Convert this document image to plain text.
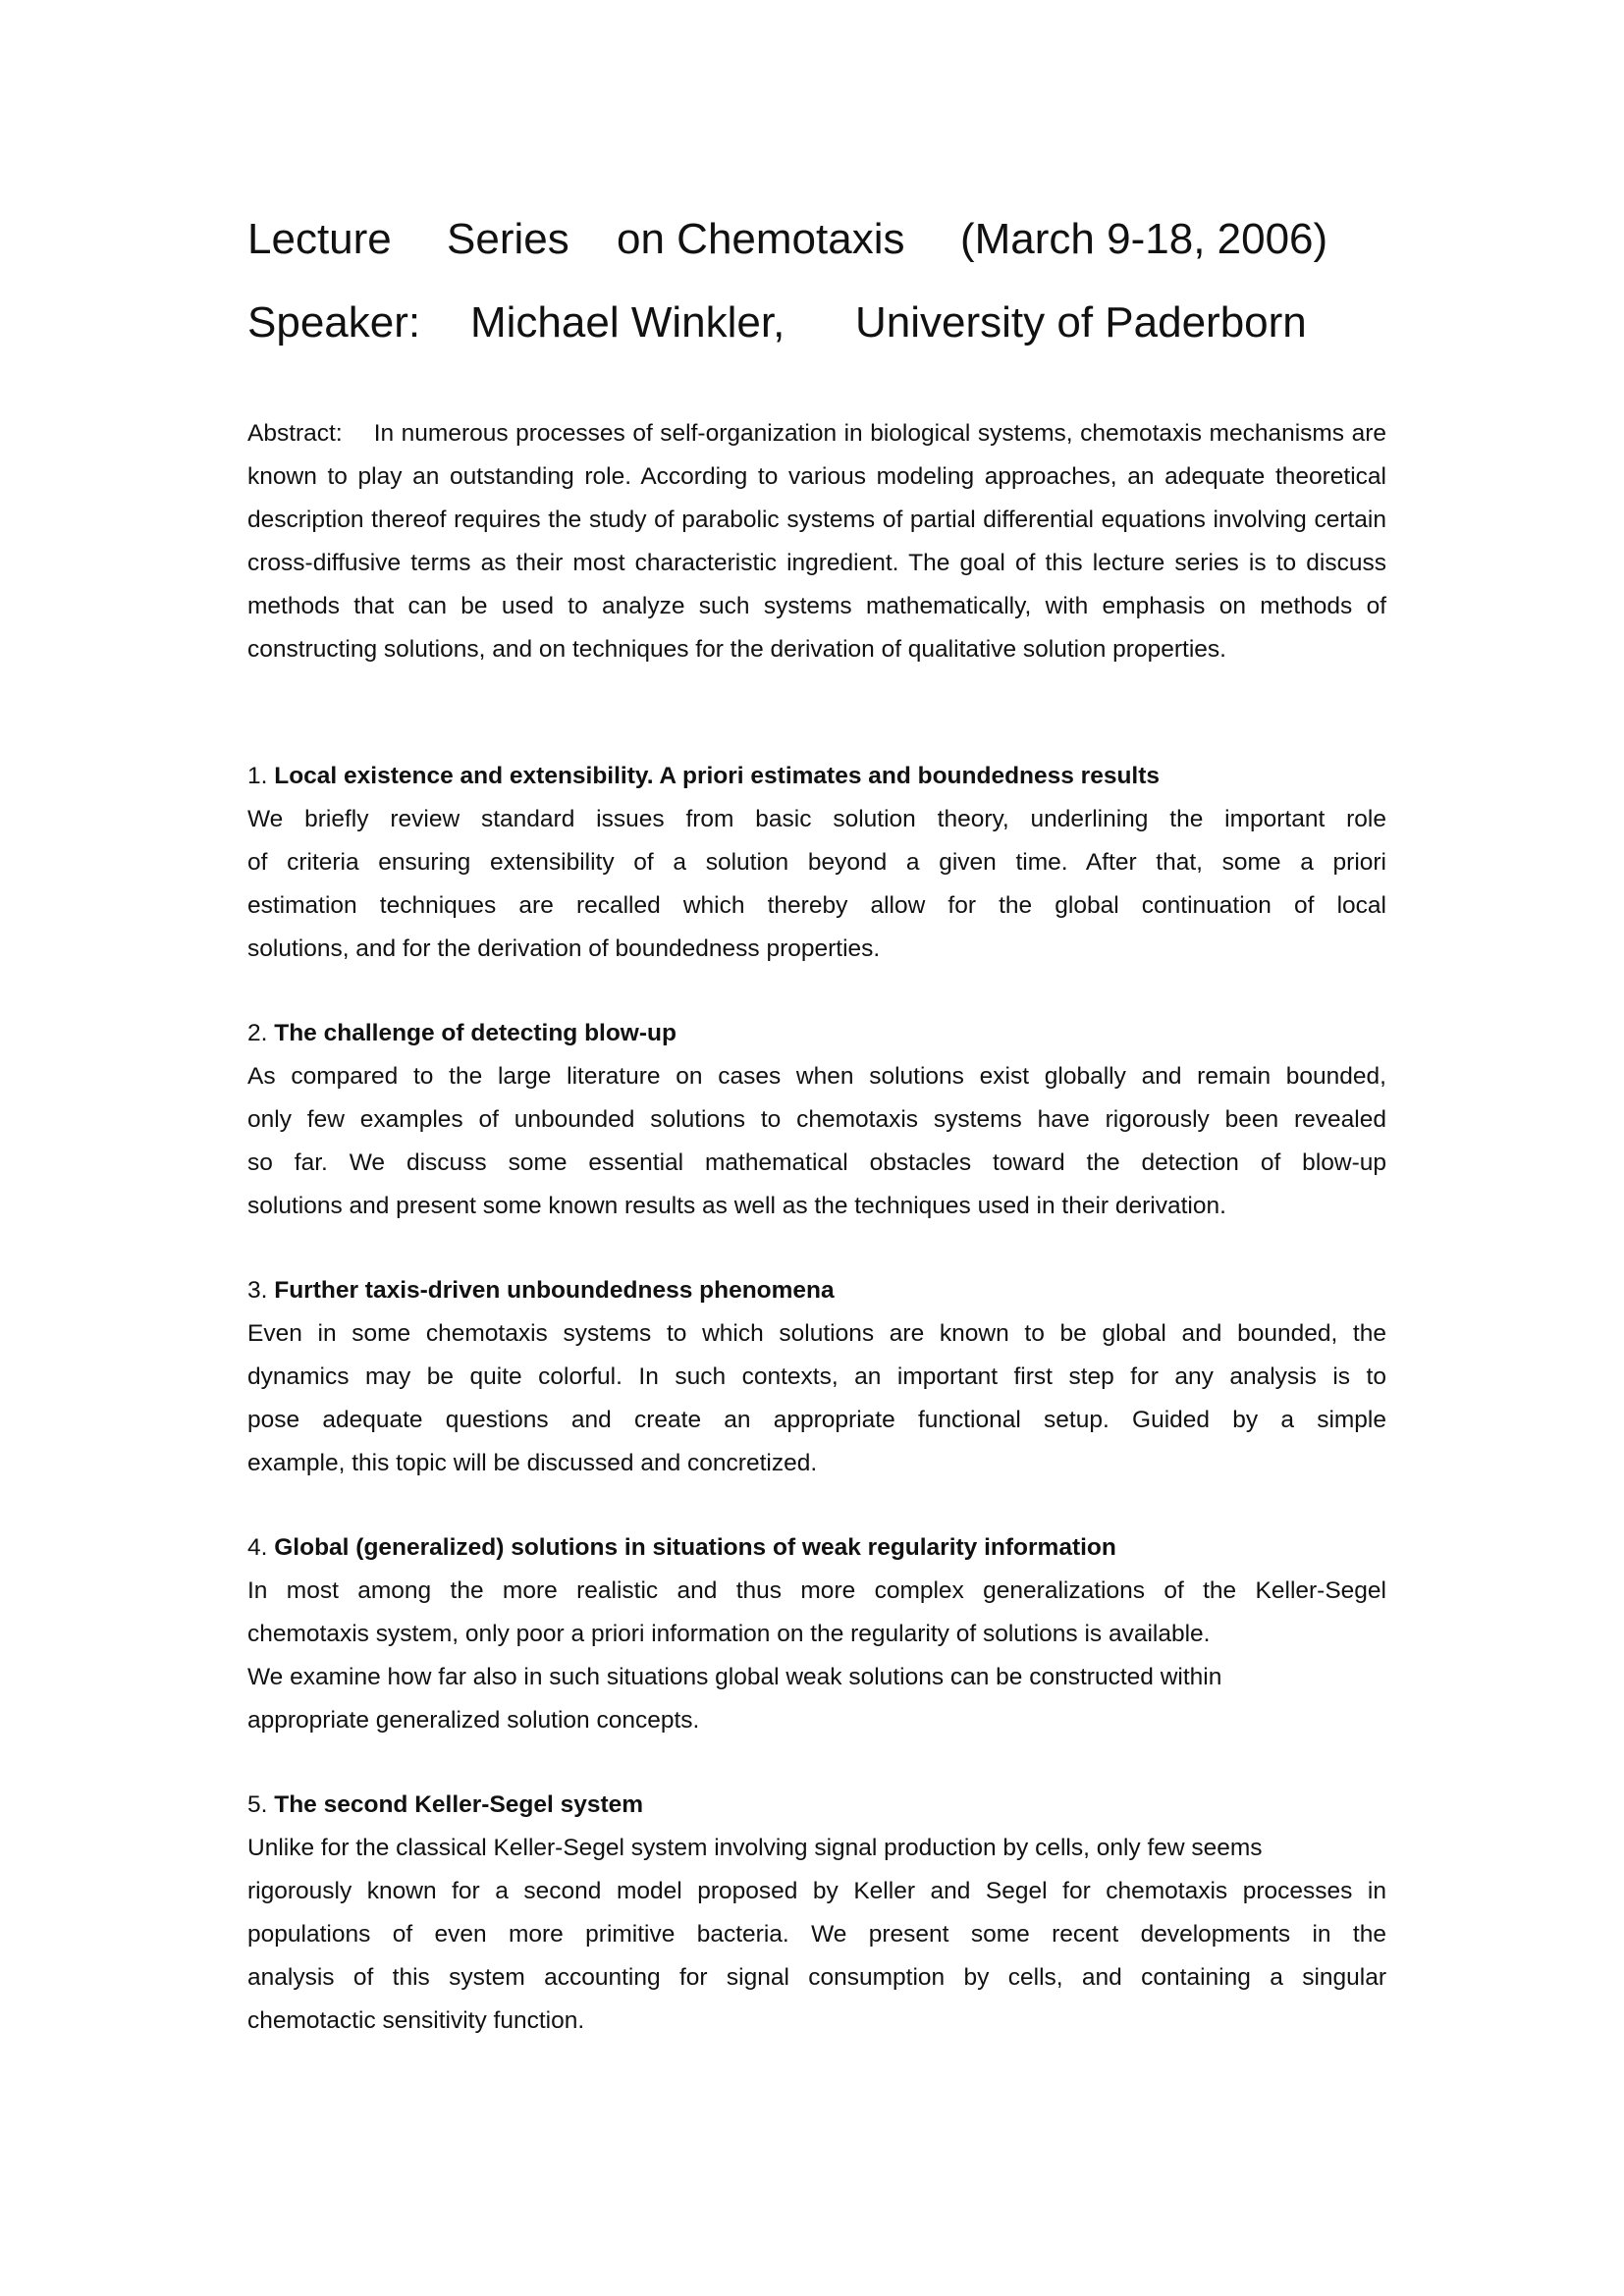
Lecture Series on Chemotaxis (March 9-18, 2006)
Speaker: Michael Winkler, University of Paderborn
Abstract: In numerous processes of self-organization in biological systems, chemotaxis mechanisms are known to play an outstanding role. According to various modeling approaches, an adequate theoretical description thereof requires the study of parabolic systems of partial differential equations involving certain cross-diffusive terms as their most characteristic ingredient. The goal of this lecture series is to discuss methods that can be used to analyze such systems mathematically, with emphasis on methods of constructing solutions, and on techniques for the derivation of qualitative solution properties.
1. Local existence and extensibility. A priori estimates and boundedness results
We briefly review standard issues from basic solution theory, underlining the important role
of criteria ensuring extensibility of a solution beyond a given time. After that, some a priori
estimation techniques are recalled which thereby allow for the global continuation of local
solutions, and for the derivation of boundedness properties.
2. The challenge of detecting blow-up
As compared to the large literature on cases when solutions exist globally and remain bounded,
only few examples of unbounded solutions to chemotaxis systems have rigorously been revealed
so far. We discuss some essential mathematical obstacles toward the detection of blow-up
solutions and present some known results as well as the techniques used in their derivation.
3. Further taxis-driven unboundedness phenomena
Even in some chemotaxis systems to which solutions are known to be global and bounded, the
dynamics may be quite colorful. In such contexts, an important first step for any analysis is to
pose adequate questions and create an appropriate functional setup. Guided by a simple
example, this topic will be discussed and concretized.
4. Global (generalized) solutions in situations of weak regularity information
In most among the more realistic and thus more complex generalizations of the Keller-Segel
chemotaxis system, only poor a priori information on the regularity of solutions is available.
We examine how far also in such situations global weak solutions can be constructed within
appropriate generalized solution concepts.
5. The second Keller-Segel system
Unlike for the classical Keller-Segel system involving signal production by cells, only few seems
rigorously known for a second model proposed by Keller and Segel for chemotaxis processes in
populations of even more primitive bacteria. We present some recent developments in the
analysis of this system accounting for signal consumption by cells, and containing a singular
chemotactic sensitivity function.
